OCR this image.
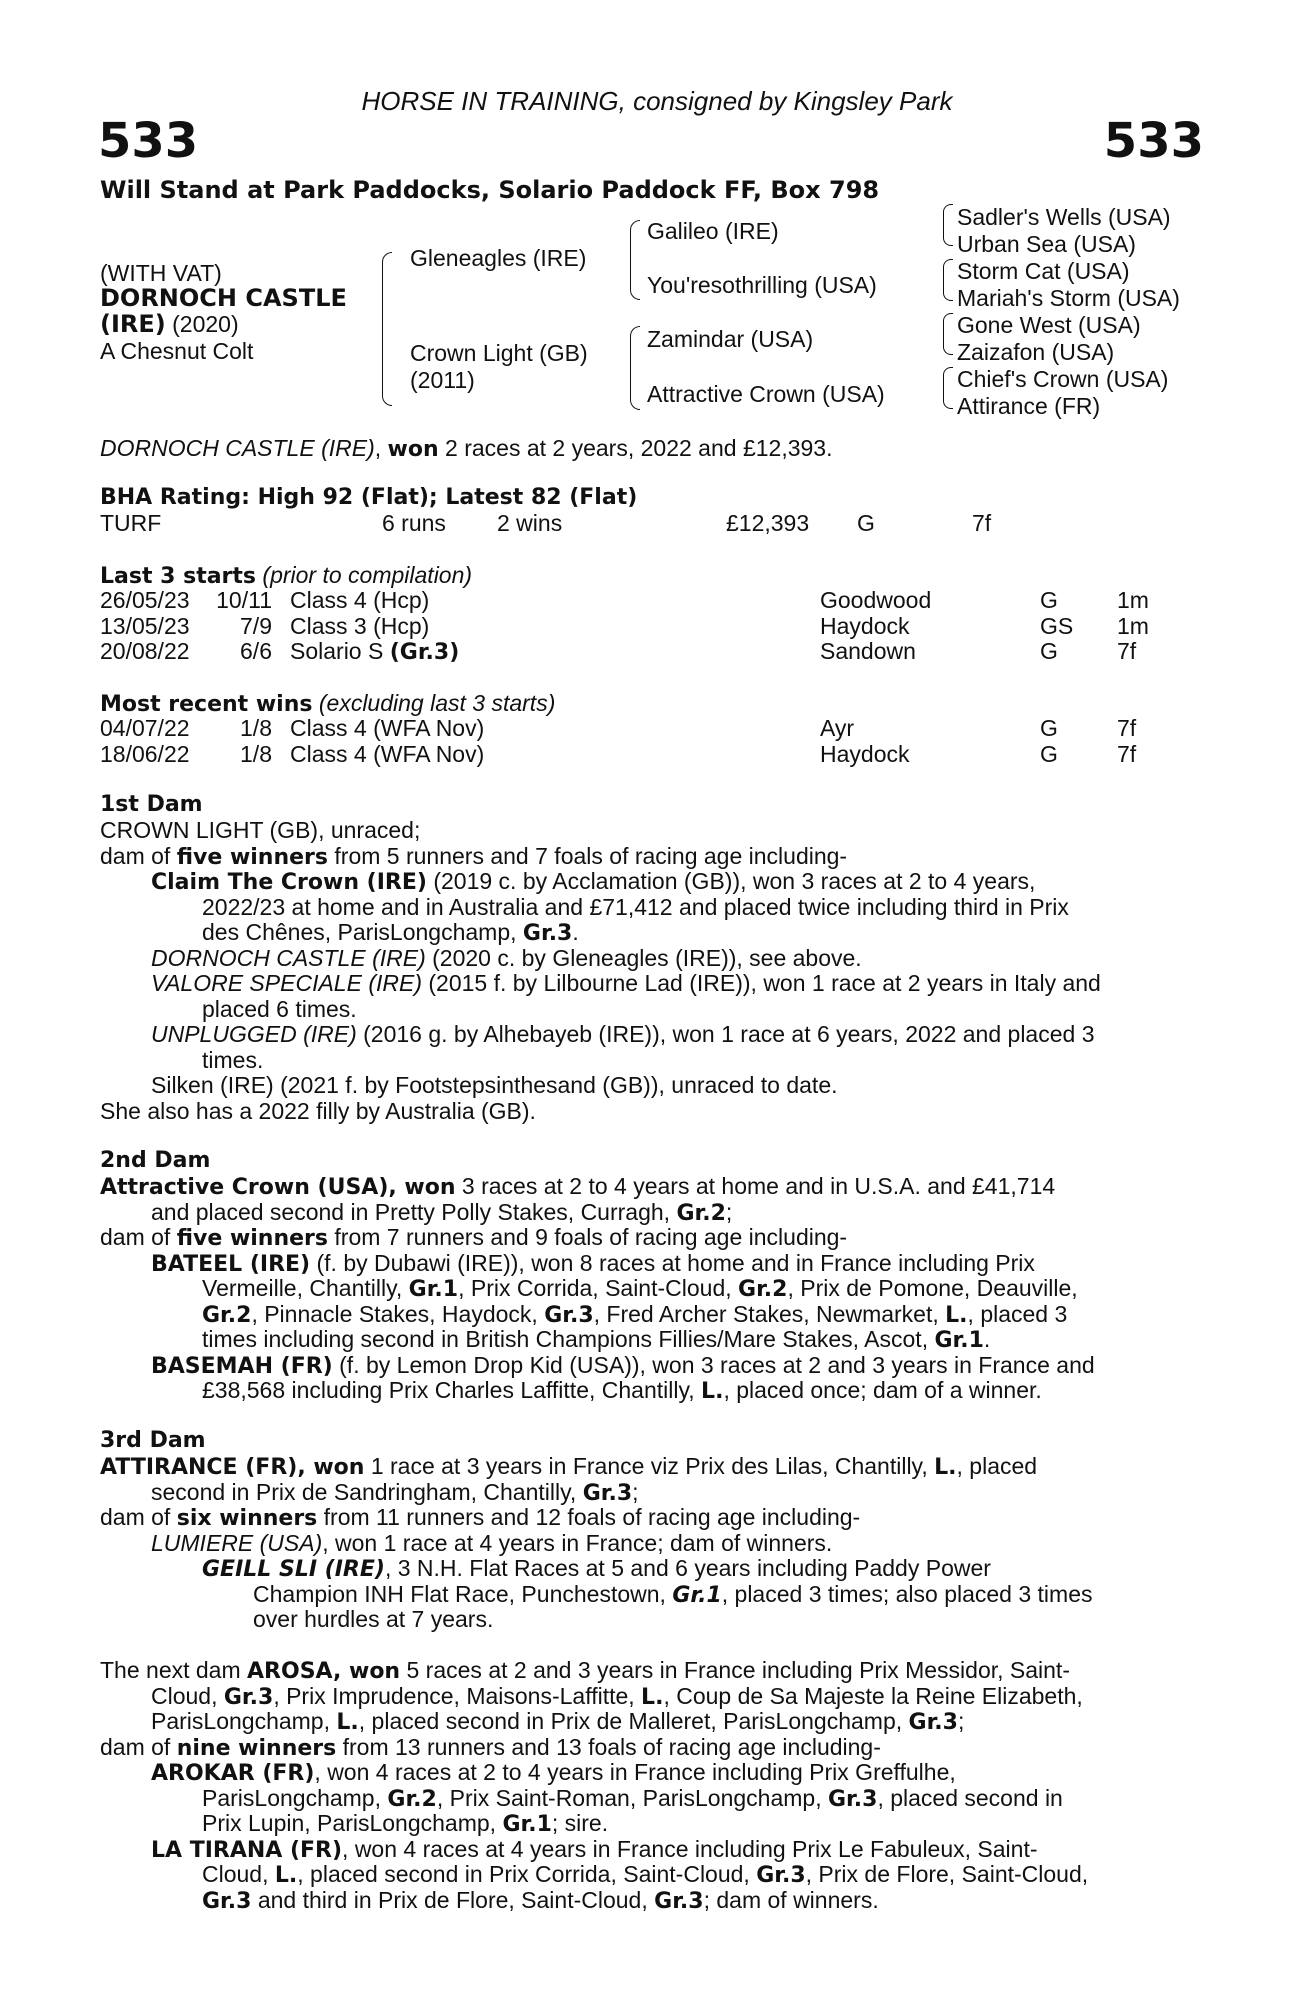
HORSE IN TRAINING, consigned by Kingsley Park
533	533
Will Stand at Park Paddocks, Solario Paddock FF, Box 798
(WITH VAT)
DORNOCH CASTLE
(IRE) (2020)
A Chesnut Colt
Gleneagles (IRE)
Crown Light (GB)
(2011)
Galileo (IRE)
You'resothrilling (USA)
Zamindar (USA)
Attractive Crown (USA)
Sadler's Wells (USA)
Urban Sea (USA)
Storm Cat (USA)
Mariah's Storm (USA)
Gone West (USA)
Zaizafon (USA)
Chief's Crown (USA)
Attirance (FR)
DORNOCH CASTLE (IRE), won 2 races at 2 years, 2022 and £12,393.
BHA Rating: High 92 (Flat); Latest 82 (Flat)
TURF	6 runs 2 wins	£12,393 G	7f
Last 3 starts (prior to compilation)
26/05/23 10/11 Class 4 (Hcp)	Goodwood	G	1m
13/05/23	7/9 Class 3 (Hcp)	Haydock	GS 1m
20/08/22	6/6 Solario S (Gr.3)	Sandown	G	7f
Most recent wins (excluding last 3 starts)
04/07/22	1/8 Class 4 (WFA Nov)	Ayr	G	7f
18/06/22	1/8 Class 4 (WFA Nov)	Haydock	G	7f
1st Dam
CROWN LIGHT (GB), unraced;
dam of five winners from 5 runners and 7 foals of racing age including-
Claim The Crown (IRE) (2019 c. by Acclamation (GB)), won 3 races at 2 to 4 years,
2022/23 at home and in Australia and £71,412 and placed twice including third in Prix
des Chênes, ParisLongchamp, Gr.3.
DORNOCH CASTLE (IRE) (2020 c. by Gleneagles (IRE)), see above.
VALORE SPECIALE (IRE) (2015 f. by Lilbourne Lad (IRE)), won 1 race at 2 years in Italy and
placed 6 times.
UNPLUGGED (IRE) (2016 g. by Alhebayeb (IRE)), won 1 race at 6 years, 2022 and placed 3
times.
Silken (IRE) (2021 f. by Footstepsinthesand (GB)), unraced to date.
She also has a 2022 filly by Australia (GB).
2nd Dam
Attractive Crown (USA), won 3 races at 2 to 4 years at home and in U.S.A. and £41,714
and placed second in Pretty Polly Stakes, Curragh, Gr.2;
dam of five winners from 7 runners and 9 foals of racing age including-
BATEEL (IRE) (f. by Dubawi (IRE)), won 8 races at home and in France including Prix
Vermeille, Chantilly, Gr.1, Prix Corrida, Saint-Cloud, Gr.2, Prix de Pomone, Deauville,
Gr.2, Pinnacle Stakes, Haydock, Gr.3, Fred Archer Stakes, Newmarket, L., placed 3
times including second in British Champions Fillies/Mare Stakes, Ascot, Gr.1.
BASEMAH (FR) (f. by Lemon Drop Kid (USA)), won 3 races at 2 and 3 years in France and
£38,568 including Prix Charles Laffitte, Chantilly, L., placed once; dam of a winner.
3rd Dam
ATTIRANCE (FR), won 1 race at 3 years in France viz Prix des Lilas, Chantilly, L., placed
second in Prix de Sandringham, Chantilly, Gr.3;
dam of six winners from 11 runners and 12 foals of racing age including-
LUMIERE (USA), won 1 race at 4 years in France; dam of winners.
GEILL SLI (IRE), 3 N.H. Flat Races at 5 and 6 years including Paddy Power
Champion INH Flat Race, Punchestown, Gr.1, placed 3 times; also placed 3 times
over hurdles at 7 years.
The next dam AROSA, won 5 races at 2 and 3 years in France including Prix Messidor, Saint-
Cloud, Gr.3, Prix Imprudence, Maisons-Laffitte, L., Coup de Sa Majeste la Reine Elizabeth,
ParisLongchamp, L., placed second in Prix de Malleret, ParisLongchamp, Gr.3;
dam of nine winners from 13 runners and 13 foals of racing age including-
AROKAR (FR), won 4 races at 2 to 4 years in France including Prix Greffulhe,
ParisLongchamp, Gr.2, Prix Saint-Roman, ParisLongchamp, Gr.3, placed second in
Prix Lupin, ParisLongchamp, Gr.1; sire.
LA TIRANA (FR), won 4 races at 4 years in France including Prix Le Fabuleux, Saint-
Cloud, L., placed second in Prix Corrida, Saint-Cloud, Gr.3, Prix de Flore, Saint-Cloud,
Gr.3 and third in Prix de Flore, Saint-Cloud, Gr.3; dam of winners.
